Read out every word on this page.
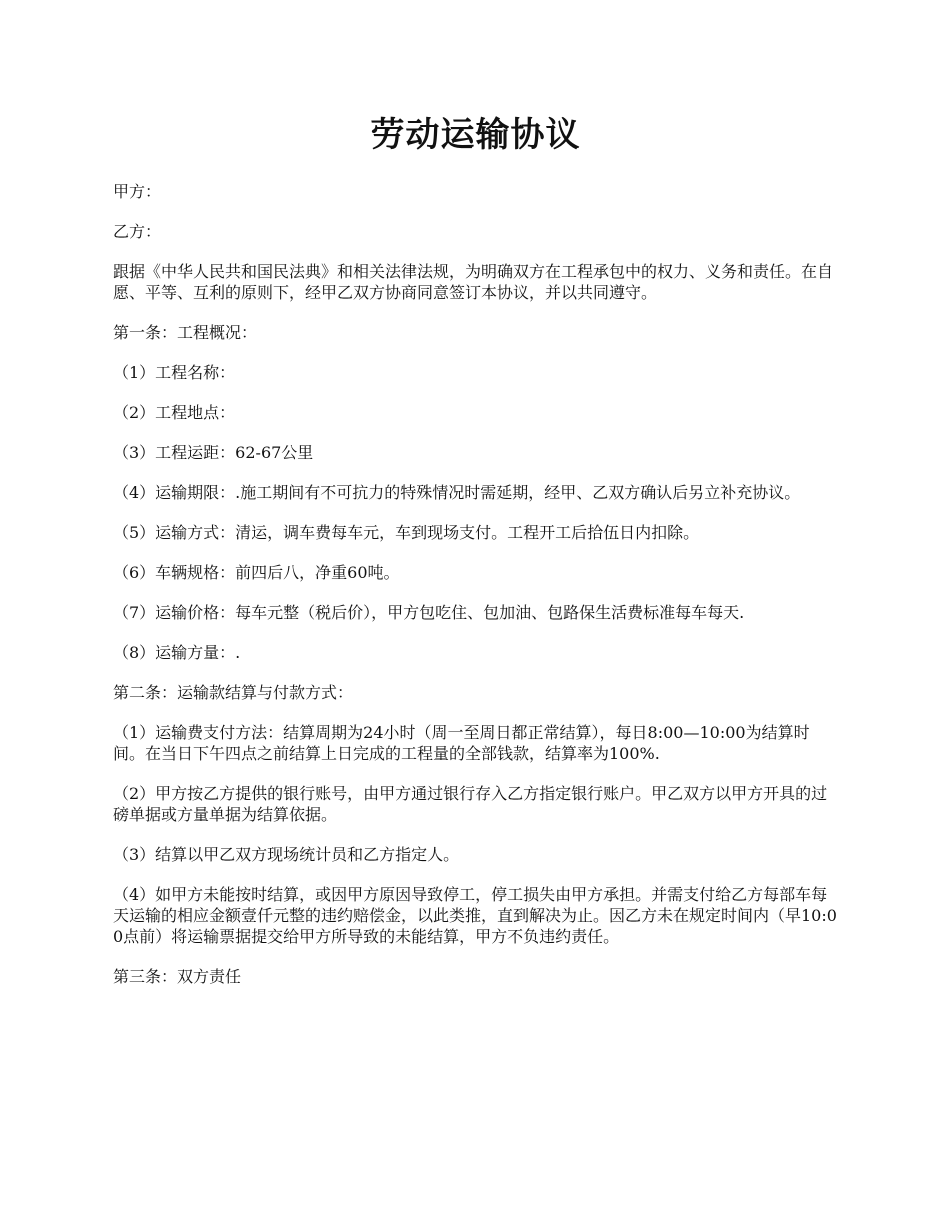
劳动运输协议

甲方：

乙方：

跟据《中华人民共和国民法典》和相关法律法规，为明确双方在工程承包中的权力、义务和责任。在自愿、平等、互利的原则下，经甲乙双方协商同意签订本协议，并以共同遵守。

第一条：工程概况：

（1）工程名称：

（2）工程地点：

（3）工程运距：62-67公里

（4）运输期限：.施工期间有不可抗力的特殊情况时需延期，经甲、乙双方确认后另立补充协议。

（5）运输方式：清运，调车费每车元，车到现场支付。工程开工后拾伍日内扣除。

（6）车辆规格：前四后八，净重60吨。

（7）运输价格：每车元整（税后价），甲方包吃住、包加油、包路保生活费标准每车每天.

（8）运输方量：.

第二条：运输款结算与付款方式：

（1）运输费支付方法：结算周期为24小时（周一至周日都正常结算），每日8:00—10:00为结算时间。在当日下午四点之前结算上日完成的工程量的全部钱款，结算率为100%.

（2）甲方按乙方提供的银行账号，由甲方通过银行存入乙方指定银行账户。甲乙双方以甲方开具的过磅单据或方量单据为结算依据。

（3）结算以甲乙双方现场统计员和乙方指定人。

（4）如甲方未能按时结算，或因甲方原因导致停工，停工损失由甲方承担。并需支付给乙方每部车每天运输的相应金额壹仟元整的违约赔偿金，以此类推，直到解决为止。因乙方未在规定时间内（早10:00点前）将运输票据提交给甲方所导致的未能结算，甲方不负违约责任。

第三条：双方责任
